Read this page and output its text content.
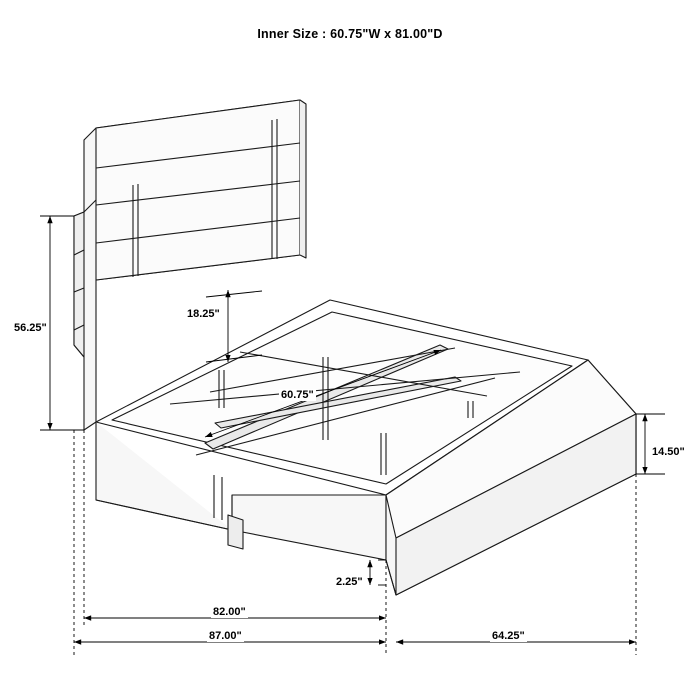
Inner Size : 60.75"W x 81.00"D
56.25"
18.25"
60.75"
14.50"
2.25"
82.00"
87.00"	64.25"
